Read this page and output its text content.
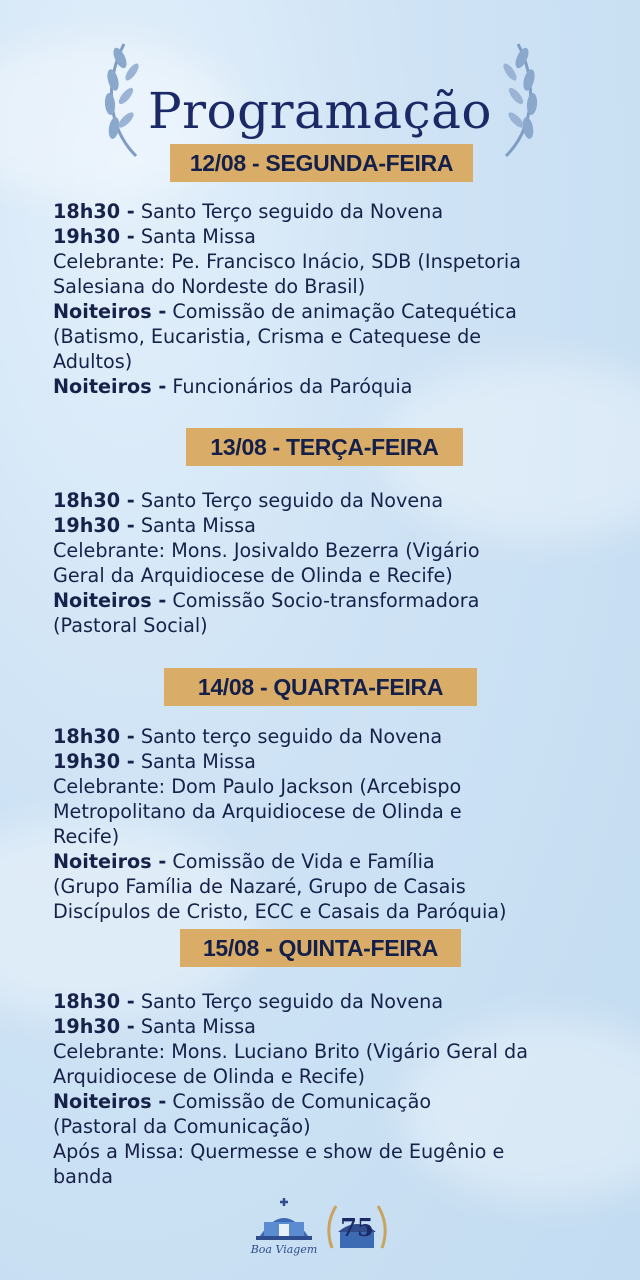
Programação
12/08 - SEGUNDA-FEIRA
18h30 - Santo Terço seguido da Novena
19h30 - Santa Missa
Celebrante: Pe. Francisco Inácio, SDB (Inspetoria
Salesiana do Nordeste do Brasil)
Noiteiros - Comissão de animação Catequética
(Batismo, Eucaristia, Crisma e Catequese de
Adultos)
Noiteiros - Funcionários da Paróquia
13/08 - TERÇA-FEIRA
18h30 - Santo Terço seguido da Novena
19h30 - Santa Missa
Celebrante: Mons. Josivaldo Bezerra (Vigário
Geral da Arquidiocese de Olinda e Recife)
Noiteiros - Comissão Socio-transformadora
(Pastoral Social)
14/08 - QUARTA-FEIRA
18h30 - Santo terço seguido da Novena
19h30 - Santa Missa
Celebrante: Dom Paulo Jackson (Arcebispo
Metropolitano da Arquidiocese de Olinda e
Recife)
Noiteiros - Comissão de Vida e Família
(Grupo Família de Nazaré, Grupo de Casais
Discípulos de Cristo, ECC e Casais da Paróquia)
15/08 - QUINTA-FEIRA
18h30 - Santo Terço seguido da Novena
19h30 - Santa Missa
Celebrante: Mons. Luciano Brito (Vigário Geral da
Arquidiocese de Olinda e Recife)
Noiteiros - Comissão de Comunicação
(Pastoral da Comunicação)
Após a Missa: Quermesse e show de Eugênio e
banda
Boa Viagem
75
